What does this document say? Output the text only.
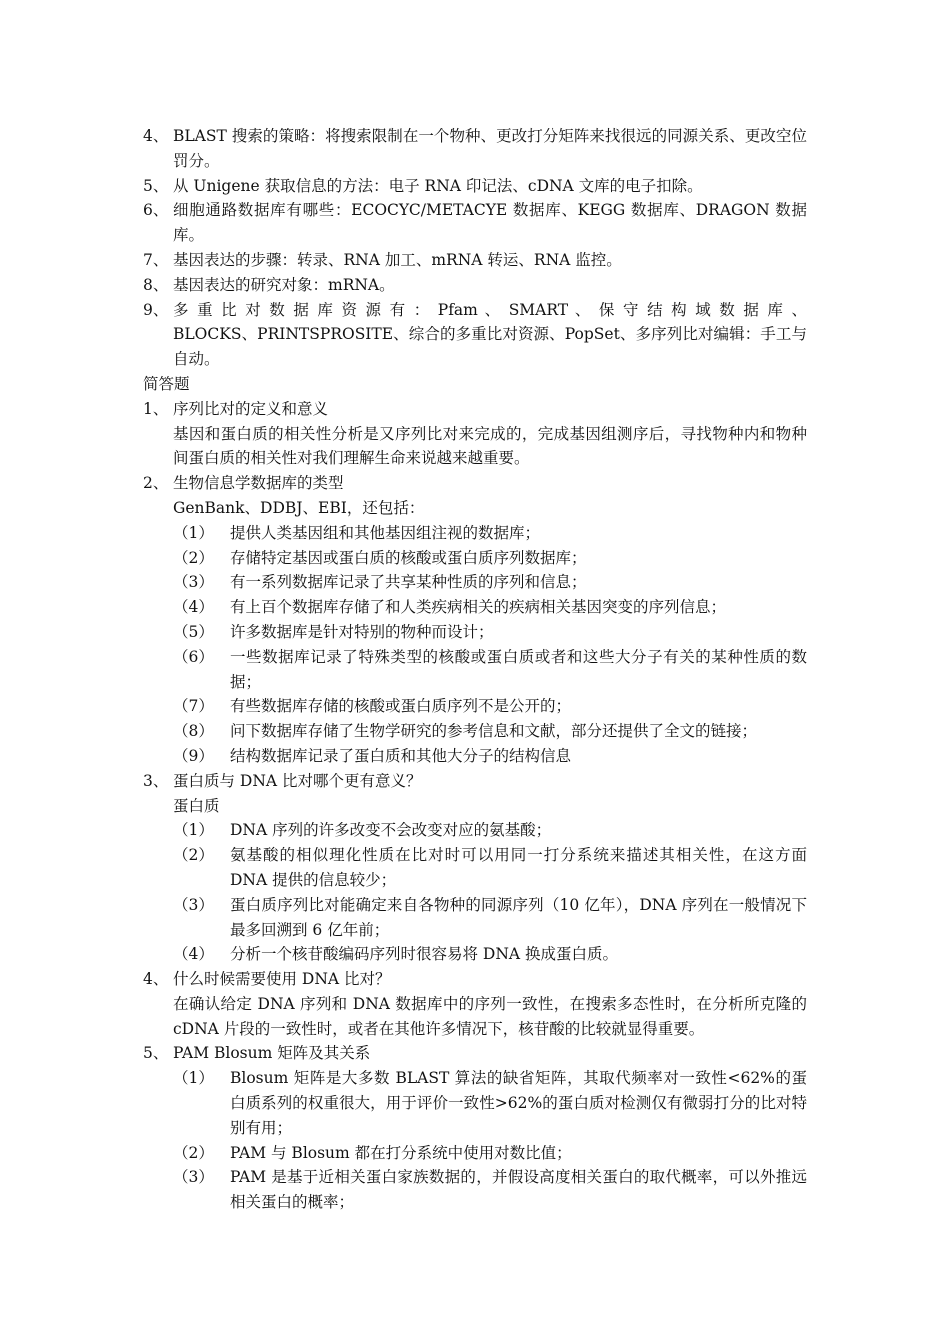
4、 BLAST 搜索的策略：将搜索限制在一个物种、更改打分矩阵来找很远的同源关系、更改空位罚分。
5、 从 Unigene 获取信息的方法：电子 RNA 印记法、cDNA 文库的电子扣除。
6、 细胞通路数据库有哪些：ECOCYC/METACYE 数据库、KEGG 数据库、DRAGON 数据库。
7、 基因表达的步骤：转录、RNA 加工、mRNA 转运、RNA 监控。
8、 基因表达的研究对象：mRNA。
9、 多 重 比 对 数 据 库 资 源 有 ： Pfam 、 SMART 、 保 守 结 构 域 数 据 库 、
BLOCKS、PRINTSPROSITE、综合的多重比对资源、PopSet、多序列比对编辑：手工与自动。
简答题
1、 序列比对的定义和意义
基因和蛋白质的相关性分析是又序列比对来完成的，完成基因组测序后，寻找物种内和物种间蛋白质的相关性对我们理解生命来说越来越重要。
2、 生物信息学数据库的类型
GenBank、DDBJ、EBI，还包括：
（1）	提供人类基因组和其他基因组注视的数据库；
（2）	存储特定基因或蛋白质的核酸或蛋白质序列数据库；
（3）	有一系列数据库记录了共享某种性质的序列和信息；
（4）	有上百个数据库存储了和人类疾病相关的疾病相关基因突变的序列信息；
（5）	许多数据库是针对特别的物种而设计；
（6）	一些数据库记录了特殊类型的核酸或蛋白质或者和这些大分子有关的某种性质的数据；
（7）	有些数据库存储的核酸或蛋白质序列不是公开的；
（8）	问下数据库存储了生物学研究的参考信息和文献，部分还提供了全文的链接；
（9）	结构数据库记录了蛋白质和其他大分子的结构信息
3、 蛋白质与 DNA 比对哪个更有意义？
蛋白质
（1）	DNA 序列的许多改变不会改变对应的氨基酸；
（2）	氨基酸的相似理化性质在比对时可以用同一打分系统来描述其相关性，在这方面 DNA 提供的信息较少；
（3）	蛋白质序列比对能确定来自各物种的同源序列（10 亿年），DNA 序列在一般情况下最多回溯到 6 亿年前；
（4）	分析一个核苷酸编码序列时很容易将 DNA 换成蛋白质。
4、 什么时候需要使用 DNA 比对？
在确认给定 DNA 序列和 DNA 数据库中的序列一致性，在搜索多态性时，在分析所克隆的 cDNA 片段的一致性时，或者在其他许多情况下，核苷酸的比较就显得重要。
5、 PAM Blosum 矩阵及其关系
（1）	Blosum 矩阵是大多数 BLAST 算法的缺省矩阵，其取代频率对一致性<62%的蛋白质系列的权重很大，用于评价一致性>62%的蛋白质对检测仅有微弱打分的比对特别有用；
（2）	PAM 与 Blosum 都在打分系统中使用对数比值；
（3）	PAM 是基于近相关蛋白家族数据的，并假设高度相关蛋白的取代概率，可以外推远相关蛋白的概率；
